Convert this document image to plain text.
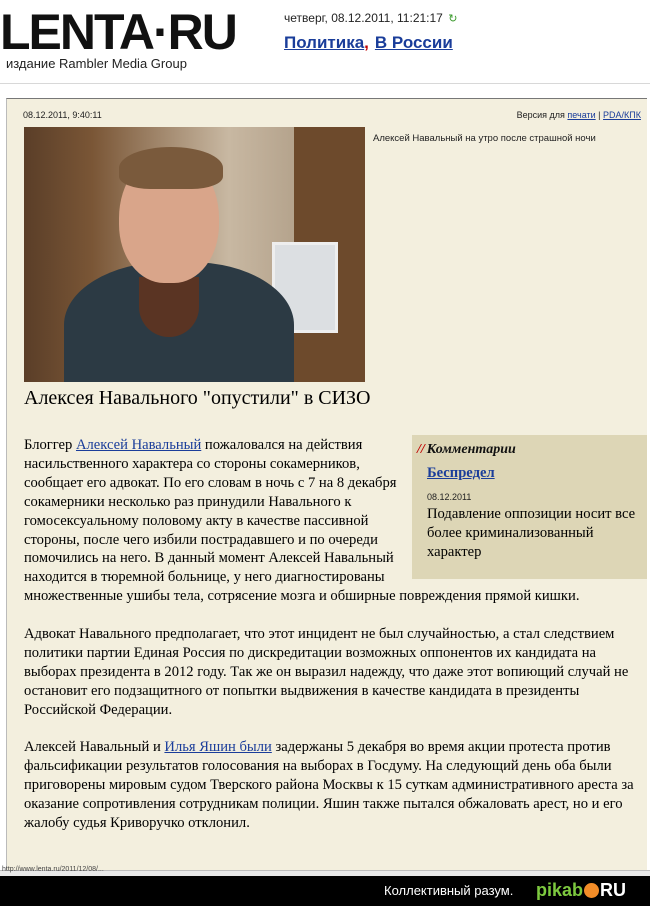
LENTA·RU
издание Rambler Media Group
четверг, 08.12.2011, 11:21:17 ↻
Политика, В России
08.12.2011, 9:40:11	Версия для печати | PDA/КПК
Алексей Навальный на утро после страшной ночи
Алексея Навального "опустили" в СИЗО
// Комментарии
Беспредел
08.12.2011
Подавление оппозиции носит все более криминализованный характер

Блоггер Алексей Навальный пожаловался на действия насильственного характера со стороны сокамерников, сообщает его адвокат. По его словам в ночь с 7 на 8 декабря сокамерники несколько раз принудили Навального к гомосексуальному половому акту в качестве пассивной стороны, после чего избили пострадавшего и по очереди помочились на него. В данный момент Алексей Навальный находится в тюремной больнице, у него диагностированы множественные ушибы тела, сотрясение мозга и обширные повреждения прямой кишки.

Адвокат Навального предполагает, что этот инцидент не был случайностью, а стал следствием политики партии Единая Россия по дискредитации возможных оппонентов их кандидата на выборах президента в 2012 году. Так же он выразил надежду, что даже этот вопиющий случай не остановит его подзащитного от попытки выдвижения в качестве кандидата в президенты Российской Федерации.

Алексей Навальный и Илья Яшин были задержаны 5 декабря во время акции протеста против фальсификации результатов голосования на выборах в Госдуму. На следующий день оба были приговорены мировым судом Тверского района Москвы к 15 суткам административного ареста за оказание сопротивления сотрудникам полиции. Яшин также пытался обжаловать арест, но и его жалобу судья Криворучко отклонил.

http://www.lenta.ru/2011/12/08/...
Коллективный разум. pikab RU
